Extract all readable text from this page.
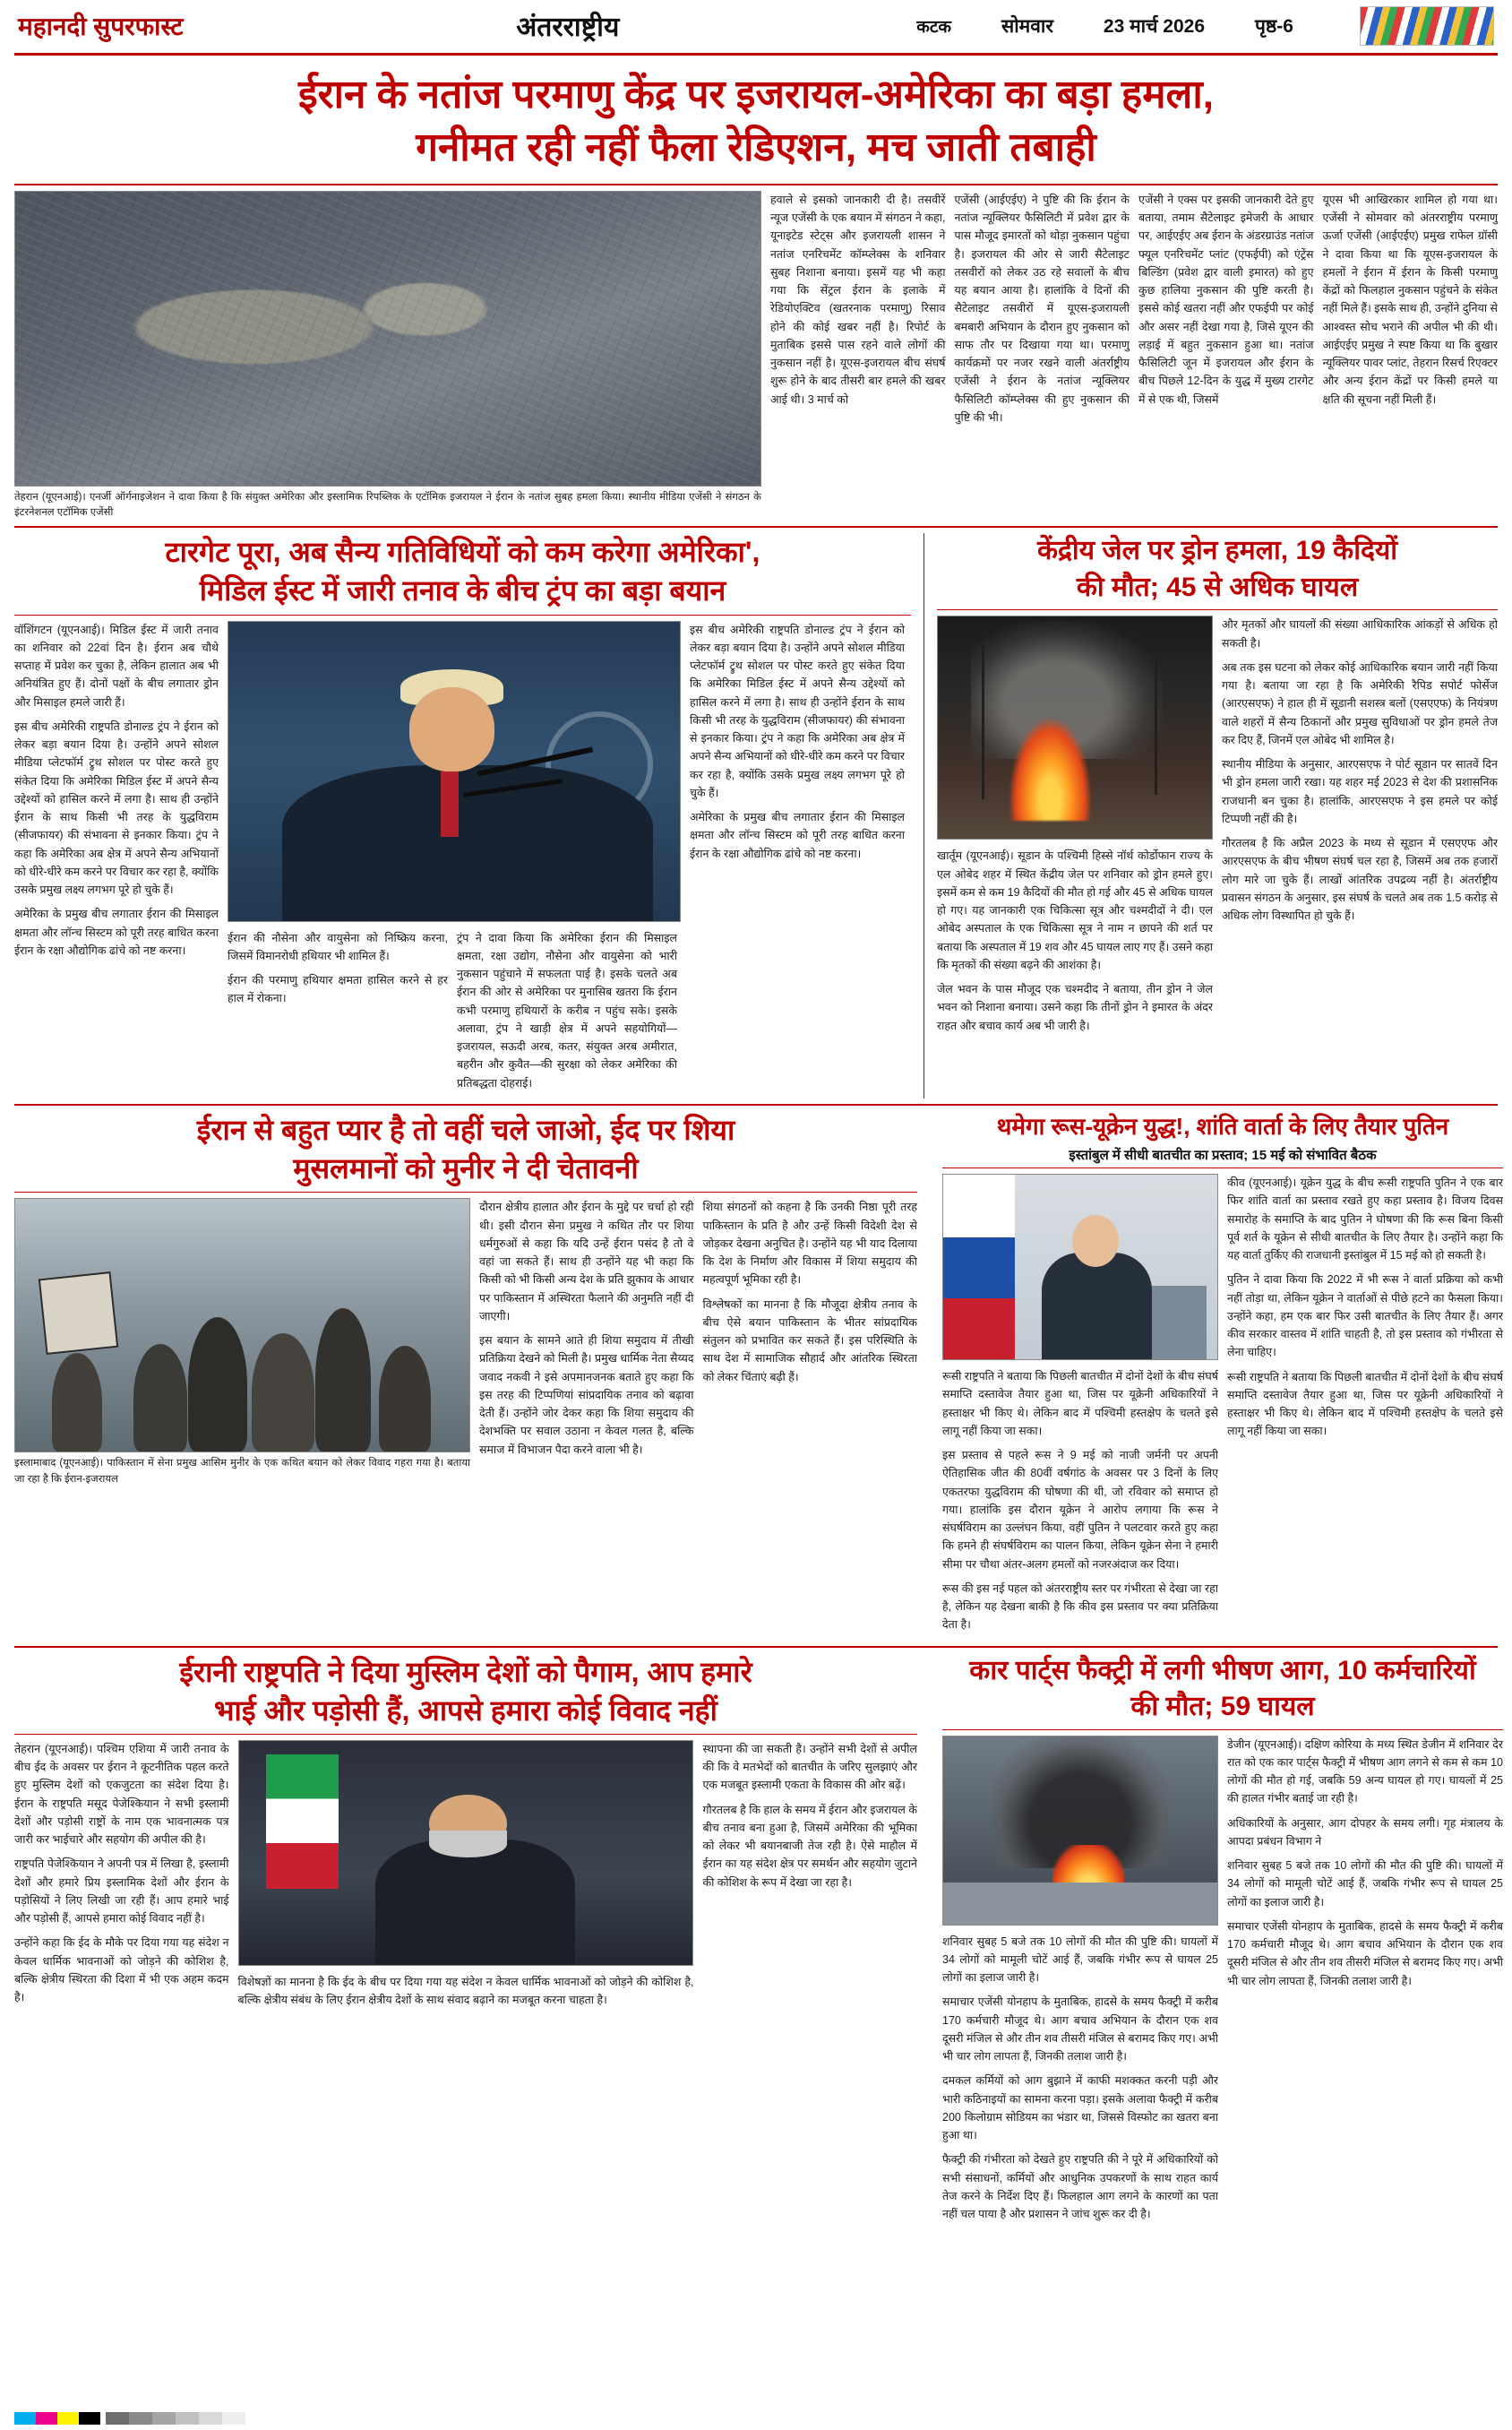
महानदी सुपरफास्ट	अंतरराष्ट्रीय	कटक	सोमवार	23 मार्च 2026	पृष्ठ-6
ईरान के नतांज परमाणु केंद्र पर इजरायल-अमेरिका का बड़ा हमला,
गनीमत रही नहीं फैला रेडिएशन, मच जाती तबाही
तेहरान (यूएनआई)। एनर्जी ऑर्गनाइजेशन ने दावा किया है कि संयुक्त अमेरिका और इस्लामिक रिपब्लिक के एटॉमिक इजरायल ने ईरान के नतांज सुबह हमला किया। स्थानीय मीडिया एजेंसी ने संगठन के इंटरनेशनल एटॉमिक एजेंसी

हवाले से इसको जानकारी दी है। तसवीरें न्यूज एजेंसी के एक बयान में संगठन ने कहा, यूनाइटेड स्टेट्स और इजरायली शासन ने नतांज एनरिचमेंट कॉम्प्लेक्स के शनिवार सुबह निशाना बनाया। इसमें यह भी कहा गया कि सेंट्रल ईरान के इलाके में रेडियोएक्टिव (खतरनाक परमाणु) रिसाव होने की कोई खबर नहीं है। रिपोर्ट के मुताबिक इससे पास रहने वाले लोगों की नुकसान नहीं है। यूएस-इजरायल बीच संघर्ष शुरू होने के बाद तीसरी बार हमले की खबर आई थी। 3 मार्च को

एजेंसी (आईएईए) ने पुष्टि की कि ईरान के नतांज न्यूक्लियर फैसिलिटी में प्रवेश द्वार के पास मौजूद इमारतों को थोड़ा नुकसान पहुंचा है। इजरायल की ओर से जारी सैटेलाइट तसवीरों को लेकर उठ रहे सवालों के बीच यह बयान आया है। हालांकि वे दिनों की सैटेलाइट तसवीरों में यूएस-इजरायली बमबारी अभियान के दौरान हुए नुकसान को साफ तौर पर दिखाया गया था। परमाणु कार्यक्रमों पर नजर रखने वाली अंतर्राष्ट्रीय एजेंसी ने ईरान के नतांज न्यूक्लियर फैसिलिटी कॉम्प्लेक्स की हुए नुकसान की पुष्टि की भी।

एजेंसी ने एक्स पर इसकी जानकारी देते हुए बताया, तमाम सैटेलाइट इमेजरी के आधार पर, आईएईए अब ईरान के अंडरग्राउंड नतांज फ्यूल एनरिचमेंट प्लांट (एफईपी) को एंट्रेंस बिल्डिंग (प्रवेश द्वार वाली इमारत) को हुए कुछ हालिया नुकसान की पुष्टि करती है। इससे कोई खतरा नहीं और एफईपी पर कोई और असर नहीं देखा गया है, जिसे यूएन की लड़ाई में बहुत नुकसान हुआ था। नतांज फैसिलिटी जून में इजरायल और ईरान के बीच पिछले 12-दिन के युद्ध में मुख्य टारगेट में से एक थी, जिसमें

यूएस भी आखिरकार शामिल हो गया था। एजेंसी ने सोमवार को अंतरराष्ट्रीय परमाणु ऊर्जा एजेंसी (आईएईए) प्रमुख राफेल ग्रॉसी ने दावा किया था कि यूएस-इजरायल के हमलों ने ईरान में ईरान के किसी परमाणु केंद्रों को फिलहाल नुकसान पहुंचने के संकेत नहीं मिले हैं। इसके साथ ही, उन्होंने दुनिया से आश्वस्त सोच भराने की अपील भी की थी। आईएईए प्रमुख ने स्पष्ट किया था कि बुखार न्यूक्लियर पावर प्लांट, तेहरान रिसर्च रिएक्टर और अन्य ईरान केंद्रों पर किसी हमले या क्षति की सूचना नहीं मिली हैं।

टारगेट पूरा, अब सैन्य गतिविधियों को कम करेगा अमेरिका',
मिडिल ईस्ट में जारी तनाव के बीच ट्रंप का बड़ा बयान

वॉशिंगटन (यूएनआई)। मिडिल ईस्ट में जारी तनाव का शनिवार को 22वां दिन है। ईरान अब चौथे सप्ताह में प्रवेश कर चुका है, लेकिन हालात अब भी अनियंत्रित हुए हैं। दोनों पक्षों के बीच लगातार ड्रोन और मिसाइल हमले जारी हैं।

इस बीच अमेरिकी राष्ट्रपति डोनाल्ड ट्रंप ने ईरान को लेकर बड़ा बयान दिया है। उन्होंने अपने सोशल मीडिया प्लेटफॉर्म ट्रुथ सोशल पर पोस्ट करते हुए संकेत दिया कि अमेरिका मिडिल ईस्ट में अपने सैन्य उद्देश्यों को हासिल करने में लगा है। साथ ही उन्होंने ईरान के साथ किसी भी तरह के युद्धविराम (सीजफायर) की संभावना से इनकार किया। ट्रंप ने कहा कि अमेरिका अब क्षेत्र में अपने सैन्य अभियानों को धीरे-धीरे कम करने पर विचार कर रहा है, क्योंकि उसके प्रमुख लक्ष्य लगभग पूरे हो चुके हैं।

अमेरिका के प्रमुख बीच लगातार ईरान की मिसाइल क्षमता और लॉन्च सिस्टम को पूरी तरह बाधित करना ईरान के रक्षा औद्योगिक ढांचे को नष्ट करना।

ईरान की नौसेना और वायुसेना को निष्क्रिय करना, जिसमें विमानरोधी हथियार भी शामिल हैं।

ईरान की परमाणु हथियार क्षमता हासिल करने से हर हाल में रोकना।

ट्रंप ने दावा किया कि अमेरिका ईरान की मिसाइल क्षमता, रक्षा उद्योग, नौसेना और वायुसेना को भारी नुकसान पहुंचाने में सफलता पाई है। इसके चलते अब ईरान की ओर से अमेरिका पर मुनासिब खतरा कि ईरान कभी परमाणु हथियारों के करीब न पहुंच सके। इसके अलावा, ट्रंप ने खाड़ी क्षेत्र में अपने सहयोगियों—इजरायल, सऊदी अरब, कतर, संयुक्त अरब अमीरात, बहरीन और कुवैत—की सुरक्षा को लेकर अमेरिका की प्रतिबद्धता दोहराई।

इस बीच अमेरिकी राष्ट्रपति डोनाल्ड ट्रंप ने ईरान को लेकर बड़ा बयान दिया है। उन्होंने अपने सोशल मीडिया प्लेटफॉर्म ट्रुथ सोशल पर पोस्ट करते हुए संकेत दिया कि अमेरिका मिडिल ईस्ट में अपने सैन्य उद्देश्यों को हासिल करने में लगा है। साथ ही उन्होंने ईरान के साथ किसी भी तरह के युद्धविराम (सीजफायर) की संभावना से इनकार किया। ट्रंप ने कहा कि अमेरिका अब क्षेत्र में अपने सैन्य अभियानों को धीरे-धीरे कम करने पर विचार कर रहा है, क्योंकि उसके प्रमुख लक्ष्य लगभग पूरे हो चुके हैं।

अमेरिका के प्रमुख बीच लगातार ईरान की मिसाइल क्षमता और लॉन्च सिस्टम को पूरी तरह बाधित करना ईरान के रक्षा औद्योगिक ढांचे को नष्ट करना।

केंद्रीय जेल पर ड्रोन हमला, 19 कैदियों
की मौत; 45 से अधिक घायल

खार्तूम (यूएनआई)। सूडान के पश्चिमी हिस्से नॉर्थ कोर्डोफान राज्य के एल ओबेद शहर में स्थित केंद्रीय जेल पर शनिवार को ड्रोन हमले हुए। इसमें कम से कम 19 कैदियों की मौत हो गई और 45 से अधिक घायल हो गए। यह जानकारी एक चिकित्सा सूत्र और चश्मदीदों ने दी। एल ओबेद अस्पताल के एक चिकित्सा सूत्र ने नाम न छापने की शर्त पर बताया कि अस्पताल में 19 शव और 45 घायल लाए गए हैं। उसने कहा कि मृतकों की संख्या बढ़ने की आशंका है।

जेल भवन के पास मौजूद एक चश्मदीद ने बताया, तीन ड्रोन ने जेल भवन को निशाना बनाया। उसने कहा कि तीनों ड्रोन ने इमारत के अंदर राहत और बचाव कार्य अब भी जारी है।

और मृतकों और घायलों की संख्या आधिकारिक आंकड़ों से अधिक हो सकती है।

अब तक इस घटना को लेकर कोई आधिकारिक बयान जारी नहीं किया गया है। बताया जा रहा है कि अमेरिकी रैपिड सपोर्ट फोर्सेज (आरएसएफ) ने हाल ही में सूडानी सशस्त्र बलों (एसएएफ) के नियंत्रण वाले शहरों में सैन्य ठिकानों और प्रमुख सुविधाओं पर ड्रोन हमले तेज कर दिए हैं, जिनमें एल ओबेद भी शामिल है।

स्थानीय मीडिया के अनुसार, आरएसएफ ने पोर्ट सूडान पर सातवें दिन भी ड्रोन हमला जारी रखा। यह शहर मई 2023 से देश की प्रशासनिक राजधानी बन चुका है। हालांकि, आरएसएफ ने इस हमले पर कोई टिप्पणी नहीं की है।

गौरतलब है कि अप्रैल 2023 के मध्य से सूडान में एसएएफ और आरएसएफ के बीच भीषण संघर्ष चल रहा है, जिसमें अब तक हजारों लोग मारे जा चुके हैं। लाखों आंतरिक उपद्रव्य नहीं है। अंतर्राष्ट्रीय प्रवासन संगठन के अनुसार, इस संघर्ष के चलते अब तक 1.5 करोड़ से अधिक लोग विस्थापित हो चुके हैं।

ईरान से बहुत प्यार है तो वहीं चले जाओ, ईद पर शिया
मुसलमानों को मुनीर ने दी चेतावनी
इस्लामाबाद (यूएनआई)। पाकिस्तान में सेना प्रमुख आसिम मुनीर के एक कथित बयान को लेकर विवाद गहरा गया है। बताया जा रहा है कि ईरान-इजरायल

दौरान क्षेत्रीय हालात और ईरान के मुद्दे पर चर्चा हो रही थी। इसी दौरान सेना प्रमुख ने कथित तौर पर शिया धर्मगुरुओं से कहा कि यदि उन्हें ईरान पसंद है तो वे वहां जा सकते हैं। साथ ही उन्होंने यह भी कहा कि किसी को भी किसी अन्य देश के प्रति झुकाव के आधार पर पाकिस्तान में अस्थिरता फैलाने की अनुमति नहीं दी जाएगी।

इस बयान के सामने आते ही शिया समुदाय में तीखी प्रतिक्रिया देखने को मिली है। प्रमुख धार्मिक नेता सैय्यद जवाद नकवी ने इसे अपमानजनक बताते हुए कहा कि इस तरह की टिप्पणियां सांप्रदायिक तनाव को बढ़ावा देती हैं। उन्होंने जोर देकर कहा कि शिया समुदाय की देशभक्ति पर सवाल उठाना न केवल गलत है, बल्कि समाज में विभाजन पैदा करने वाला भी है।

शिया संगठनों को कहना है कि उनकी निष्ठा पूरी तरह पाकिस्तान के प्रति है और उन्हें किसी विदेशी देश से जोड़कर देखना अनुचित है। उन्होंने यह भी याद दिलाया कि देश के निर्माण और विकास में शिया समुदाय की महत्वपूर्ण भूमिका रही है।

विश्लेषकों का मानना है कि मौजूदा क्षेत्रीय तनाव के बीच ऐसे बयान पाकिस्तान के भीतर सांप्रदायिक संतुलन को प्रभावित कर सकते हैं। इस परिस्थिति के साथ देश में सामाजिक सौहार्द और आंतरिक स्थिरता को लेकर चिंताएं बढ़ी हैं।

थमेगा रूस-यूक्रेन युद्ध!, शांति वार्ता के लिए तैयार पुतिन
इस्तांबुल में सीधी बातचीत का प्रस्ताव; 15 मई को संभावित बैठक

रूसी राष्ट्रपति ने बताया कि पिछली बातचीत में दोनों देशों के बीच संघर्ष समाप्ति दस्तावेज तैयार हुआ था, जिस पर यूक्रेनी अधिकारियों ने हस्ताक्षर भी किए थे। लेकिन बाद में पश्चिमी हस्तक्षेप के चलते इसे लागू नहीं किया जा सका।

इस प्रस्ताव से पहले रूस ने 9 मई को नाजी जर्मनी पर अपनी ऐतिहासिक जीत की 80वीं वर्षगांठ के अवसर पर 3 दिनों के लिए एकतरफा युद्धविराम की घोषणा की थी, जो रविवार को समाप्त हो गया। हालांकि इस दौरान यूक्रेन ने आरोप लगाया कि रूस ने संघर्षविराम का उल्लंघन किया, वहीं पुतिन ने पलटवार करते हुए कहा कि हमने ही संघर्षविराम का पालन किया, लेकिन यूक्रेन सेना ने हमारी सीमा पर चौथा अंतर-अलग हमलों को नजरअंदाज कर दिया।

रूस की इस नई पहल को अंतरराष्ट्रीय स्तर पर गंभीरता से देखा जा रहा है, लेकिन यह देखना बाकी है कि कीव इस प्रस्ताव पर क्या प्रतिक्रिया देता है।

कीव (यूएनआई)। यूक्रेन युद्ध के बीच रूसी राष्ट्रपति पुतिन ने एक बार फिर शांति वार्ता का प्रस्ताव रखते हुए कहा प्रस्ताव है। विजय दिवस समारोह के समाप्ति के बाद पुतिन ने घोषणा की कि रूस बिना किसी पूर्व शर्त के यूक्रेन से सीधी बातचीत के लिए तैयार है। उन्होंने कहा कि यह वार्ता तुर्किए की राजधानी इस्तांबुल में 15 मई को हो सकती है।

पुतिन ने दावा किया कि 2022 में भी रूस ने वार्ता प्रक्रिया को कभी नहीं तोड़ा था, लेकिन यूक्रेन ने वार्ताओं से पीछे हटने का फैसला किया। उन्होंने कहा, हम एक बार फिर उसी बातचीत के लिए तैयार हैं। अगर कीव सरकार वास्तव में शांति चाहती है, तो इस प्रस्ताव को गंभीरता से लेना चाहिए।

रूसी राष्ट्रपति ने बताया कि पिछली बातचीत में दोनों देशों के बीच संघर्ष समाप्ति दस्तावेज तैयार हुआ था, जिस पर यूक्रेनी अधिकारियों ने हस्ताक्षर भी किए थे। लेकिन बाद में पश्चिमी हस्तक्षेप के चलते इसे लागू नहीं किया जा सका।

ईरानी राष्ट्रपति ने दिया मुस्लिम देशों को पैगाम, आप हमारे
भाई और पड़ोसी हैं, आपसे हमारा कोई विवाद नहीं

तेहरान (यूएनआई)। पश्चिम एशिया में जारी तनाव के बीच ईद के अवसर पर ईरान ने कूटनीतिक पहल करते हुए मुस्लिम देशों को एकजुटता का संदेश दिया है। ईरान के राष्ट्रपति मसूद पेजेश्कियान ने सभी इस्लामी देशों और पड़ोसी राष्ट्रों के नाम एक भावनात्मक पत्र जारी कर भाईचारे और सहयोग की अपील की है।

राष्ट्रपति पेजेश्कियान ने अपनी पत्र में लिखा है, इस्लामी देशों और हमारे प्रिय इस्लामिक देशों और ईरान के पड़ोसियों ने लिए लिखी जा रही हैं। आप हमारे भाई और पड़ोसी हैं, आपसे हमारा कोई विवाद नहीं है।

उन्होंने कहा कि ईद के मौके पर दिया गया यह संदेश न केवल धार्मिक भावनाओं को जोड़ने की कोशिश है, बल्कि क्षेत्रीय स्थिरता की दिशा में भी एक अहम कदम है।

विशेषज्ञों का मानना है कि ईद के बीच पर दिया गया यह संदेश न केवल धार्मिक भावनाओं को जोड़ने की कोशिश है, बल्कि क्षेत्रीय संबंध के लिए ईरान क्षेत्रीय देशों के साथ संवाद बढ़ाने का मजबूत करना चाहता है।

स्थापना की जा सकती है। उन्होंने सभी देशों से अपील की कि वे मतभेदों को बातचीत के जरिए सुलझाएं और एक मजबूत इस्लामी एकता के विकास की ओर बढ़ें।

गौरतलब है कि हाल के समय में ईरान और इजरायल के बीच तनाव बना हुआ है, जिसमें अमेरिका की भूमिका को लेकर भी बयानबाजी तेज रही है। ऐसे माहौल में ईरान का यह संदेश क्षेत्र पर समर्थन और सहयोग जुटाने की कोशिश के रूप में देखा जा रहा है।

कार पार्ट्स फैक्ट्री में लगी भीषण आग, 10 कर्मचारियों
की मौत; 59 घायल

शनिवार सुबह 5 बजे तक 10 लोगों की मौत की पुष्टि की। घायलों में 34 लोगों को मामूली चोटें आई हैं, जबकि गंभीर रूप से घायल 25 लोगों का इलाज जारी है।

समाचार एजेंसी योनहाप के मुताबिक, हादसे के समय फैक्ट्री में करीब 170 कर्मचारी मौजूद थे। आग बचाव अभियान के दौरान एक शव दूसरी मंजिल से और तीन शव तीसरी मंजिल से बरामद किए गए। अभी भी चार लोग लापता हैं, जिनकी तलाश जारी है।

दमकल कर्मियों को आग बुझाने में काफी मशक्कत करनी पड़ी और भारी कठिनाइयों का सामना करना पड़ा। इसके अलावा फैक्ट्री में करीब 200 किलोग्राम सोडियम का भंडार था, जिससे विस्फोट का खतरा बना हुआ था।

फैक्ट्री की गंभीरता को देखते हुए राष्ट्रपति की ने पूरे में अधिकारियों को सभी संसाधनों, कर्मियों और आधुनिक उपकरणों के साथ राहत कार्य तेज करने के निर्देश दिए हैं। फिलहाल आग लगने के कारणों का पता नहीं चल पाया है और प्रशासन ने जांच शुरू कर दी है।

डेजीन (यूएनआई)। दक्षिण कोरिया के मध्य स्थित डेजीन में शनिवार देर रात को एक कार पार्ट्स फैक्ट्री में भीषण आग लगने से कम से कम 10 लोगों की मौत हो गई, जबकि 59 अन्य घायल हो गए। घायलों में 25 की हालत गंभीर बताई जा रही है।

अधिकारियों के अनुसार, आग दोपहर के समय लगी। गृह मंत्रालय के आपदा प्रबंधन विभाग ने

शनिवार सुबह 5 बजे तक 10 लोगों की मौत की पुष्टि की। घायलों में 34 लोगों को मामूली चोटें आई हैं, जबकि गंभीर रूप से घायल 25 लोगों का इलाज जारी है।

समाचार एजेंसी योनहाप के मुताबिक, हादसे के समय फैक्ट्री में करीब 170 कर्मचारी मौजूद थे। आग बचाव अभियान के दौरान एक शव दूसरी मंजिल से और तीन शव तीसरी मंजिल से बरामद किए गए। अभी भी चार लोग लापता हैं, जिनकी तलाश जारी है।
